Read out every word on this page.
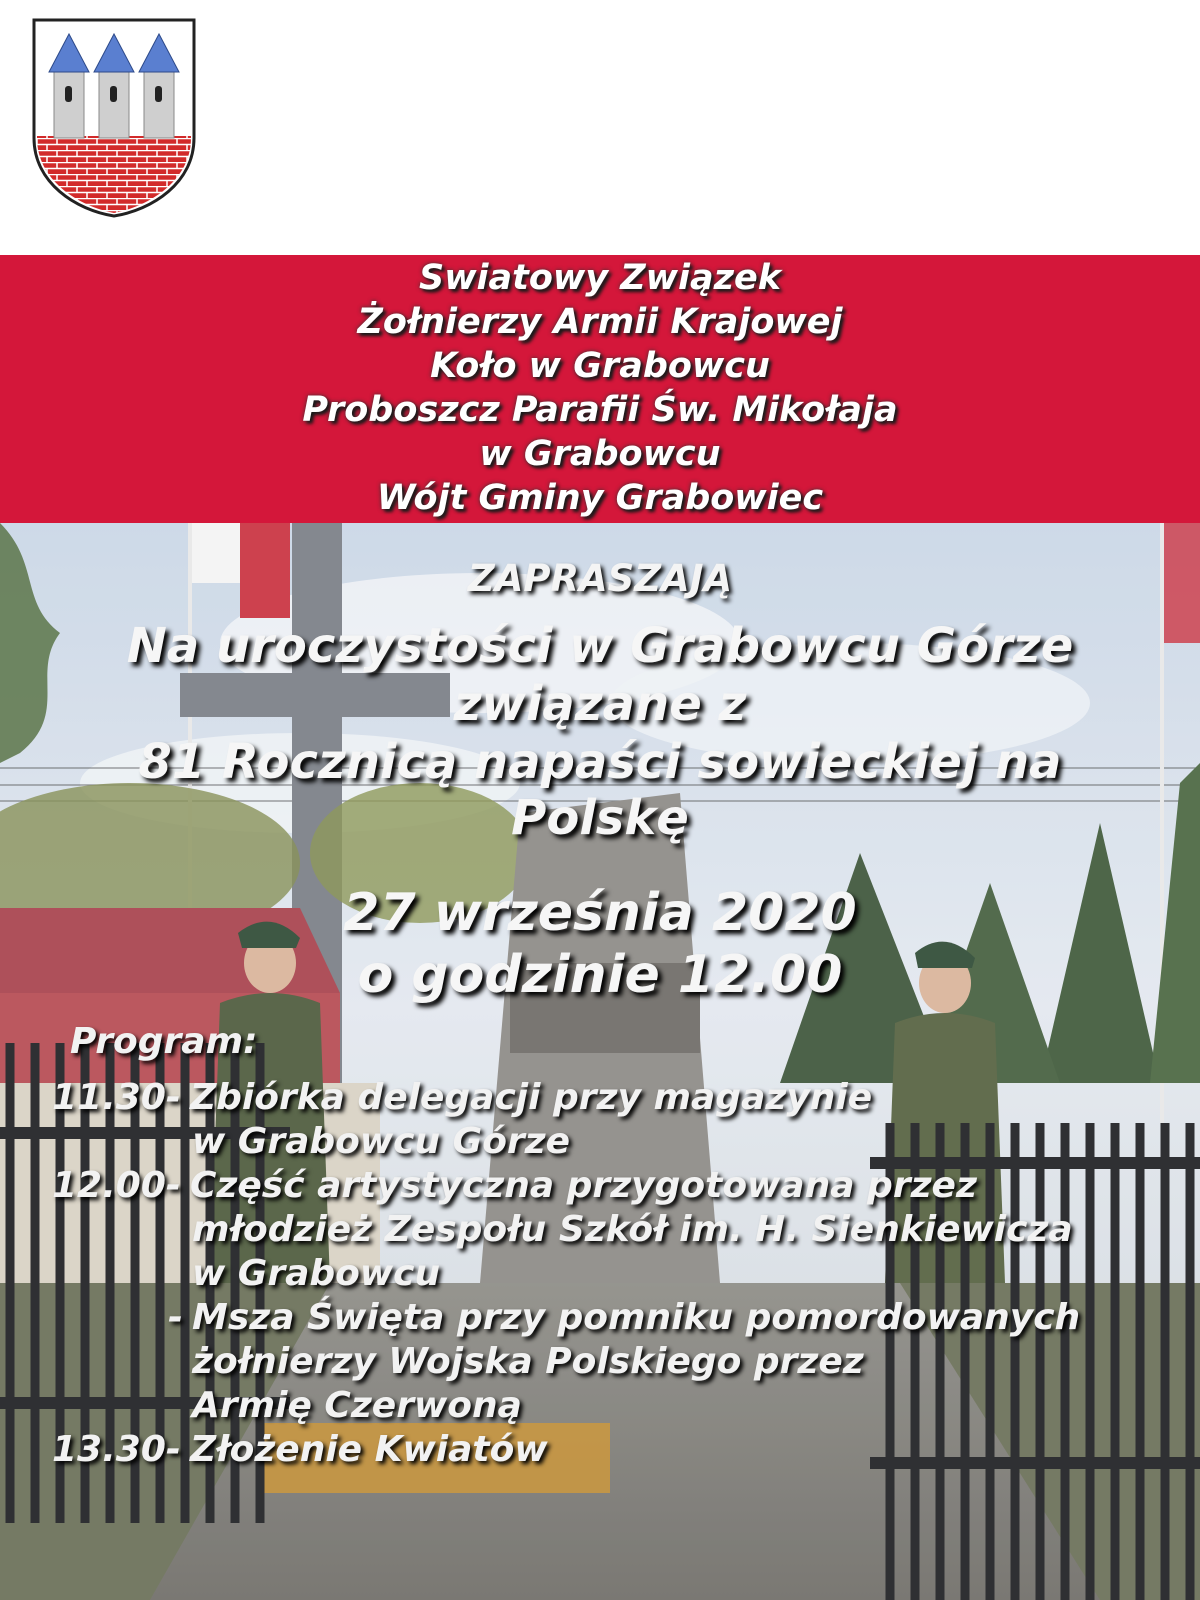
Swiatowy Związek
Żołnierzy Armii Krajowej
Koło w Grabowcu
Proboszcz Parafii Św. Mikołaja
w Grabowcu
Wójt Gminy Grabowiec
ZAPRASZAJĄ
Na uroczystości w Grabowcu Górze
związane z
81 Rocznicą napaści sowieckiej na
Polskę
27 września 2020
o godzinie 12.00
Program:
11.30- Zbiórka delegacji przy magazynie
w Grabowcu Górze
12.00- Część artystyczna przygotowana przez
młodzież Zespołu Szkół im. H. Sienkiewicza
w Grabowcu
- Msza Święta przy pomniku pomordowanych
żołnierzy Wojska Polskiego przez
Armię Czerwoną
13.30- Złożenie Kwiatów
